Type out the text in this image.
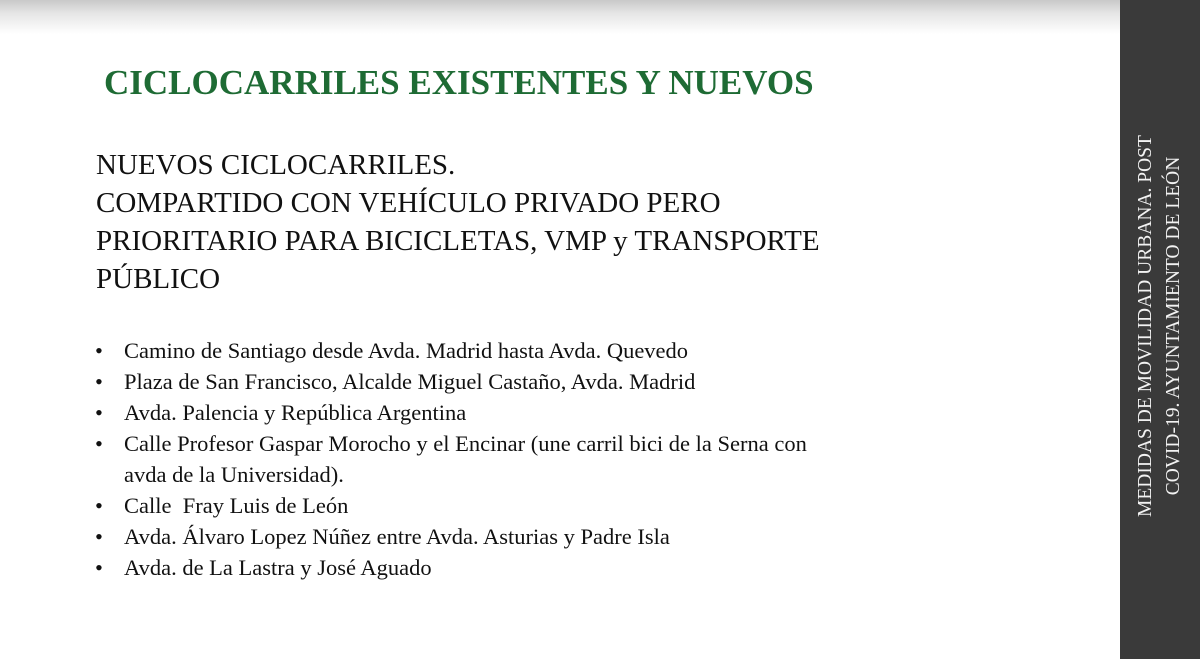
CICLOCARRILES EXISTENTES Y NUEVOS
NUEVOS CICLOCARRILES.
COMPARTIDO CON VEHÍCULO PRIVADO PERO
PRIORITARIO PARA BICICLETAS, VMP y TRANSPORTE
PÚBLICO
• Camino de Santiago desde Avda. Madrid hasta Avda. Quevedo
• Plaza de San Francisco, Alcalde Miguel Castaño, Avda. Madrid
• Avda. Palencia y República Argentina
• Calle Profesor Gaspar Morocho y el Encinar (une carril bici de la Serna con
avda de la Universidad).
• Calle  Fray Luis de León
• Avda. Álvaro Lopez Núñez entre Avda. Asturias y Padre Isla
• Avda. de La Lastra y José Aguado
MEDIDAS DE MOVILIDAD URBANA. POST COVID-19. AYUNTAMIENTO DE LEÓN
